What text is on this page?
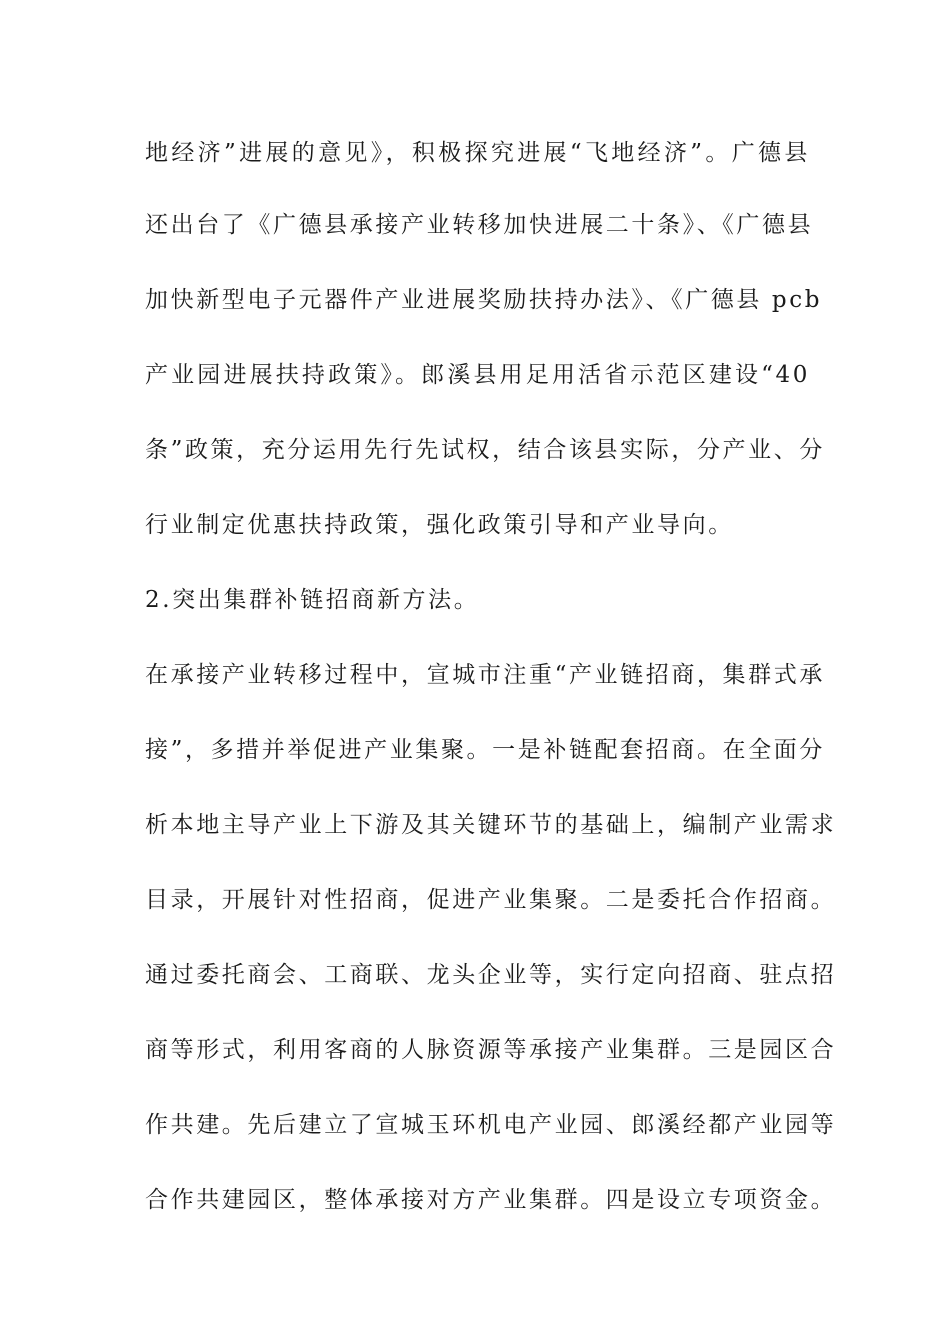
地经济”进展的意见》，积极探究进展“飞地经济”。广德县

还出台了《广德县承接产业转移加快进展二十条》、《广德县

加快新型电子元器件产业进展奖励扶持办法》、《广德县 pcb

产业园进展扶持政策》。郎溪县用足用活省示范区建设“40

条”政策，充分运用先行先试权，结合该县实际，分产业、分

行业制定优惠扶持政策，强化政策引导和产业导向。

2.突出集群补链招商新方法。

在承接产业转移过程中，宣城市注重“产业链招商，集群式承

接”，多措并举促进产业集聚。一是补链配套招商。在全面分

析本地主导产业上下游及其关键环节的基础上，编制产业需求

目录，开展针对性招商，促进产业集聚。二是委托合作招商。

通过委托商会、工商联、龙头企业等，实行定向招商、驻点招

商等形式，利用客商的人脉资源等承接产业集群。三是园区合

作共建。先后建立了宣城玉环机电产业园、郎溪经都产业园等

合作共建园区，整体承接对方产业集群。四是设立专项资金。
